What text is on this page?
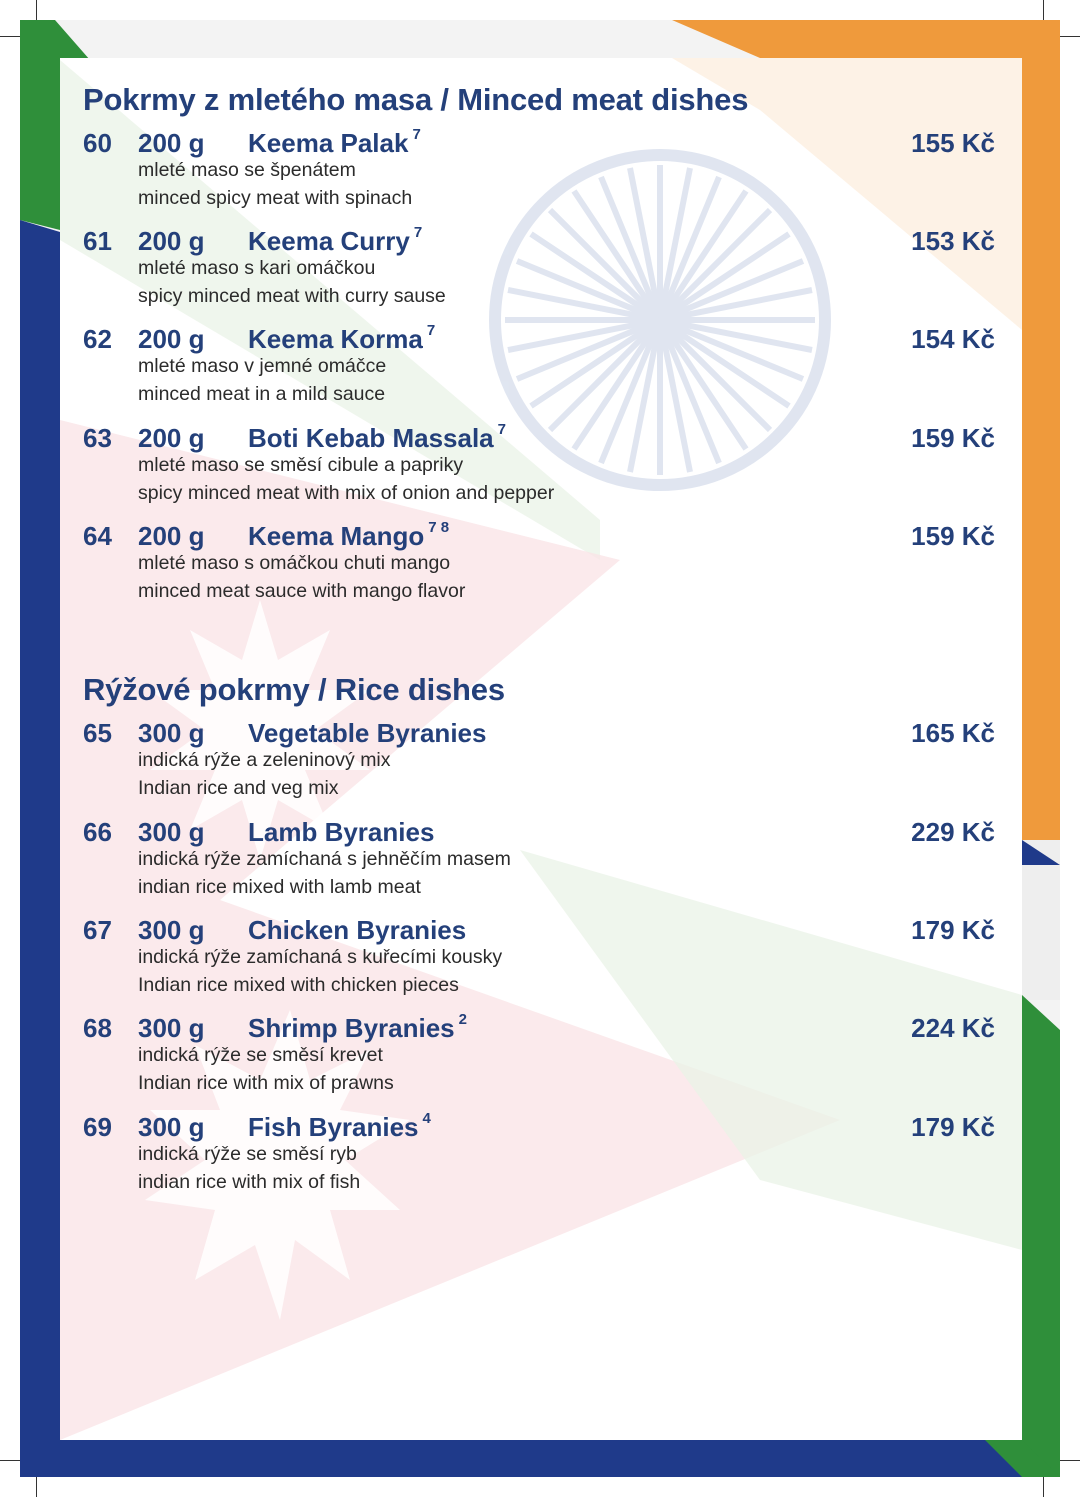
Pokrmy z mletého masa / Minced meat dishes
60 200 g Keema Palak $^7$	155 Kč
mleté maso se špenátem
minced spicy meat with spinach
61 200 g Keema Curry $^7$	153 Kč
mleté maso s kari omáčkou
spicy minced meat with curry sause
62 200 g Keema Korma $^7$	154 Kč
mleté maso v jemné omáčce
minced meat in a mild sauce
63 200 g Boti Kebab Massala $^7$	159 Kč
mleté maso se směsí cibule a papriky
spicy minced meat with mix of onion and pepper
64 200 g Keema Mango $^{7 8}$	159 Kč
mleté maso s omáčkou chuti mango
minced meat sauce with mango flavor
Rýžové pokrmy / Rice dishes
65 300 g Vegetable Byranies	165 Kč
indická rýže a zeleninový mix
Indian rice and veg mix
66 300 g Lamb Byranies	229 Kč
indická rýže zamíchaná s jehněčím masem
indian rice mixed with lamb meat
67 300 g Chicken Byranies	179 Kč
indická rýže zamíchaná s kuřecími kousky
Indian rice mixed with chicken pieces
68 300 g Shrimp Byranies $^2$	224 Kč
indická rýže se směsí krevet
Indian rice with mix of prawns
69 300 g Fish Byranies $^4$	179 Kč
indická rýže se směsí ryb
indian rice with mix of fish
